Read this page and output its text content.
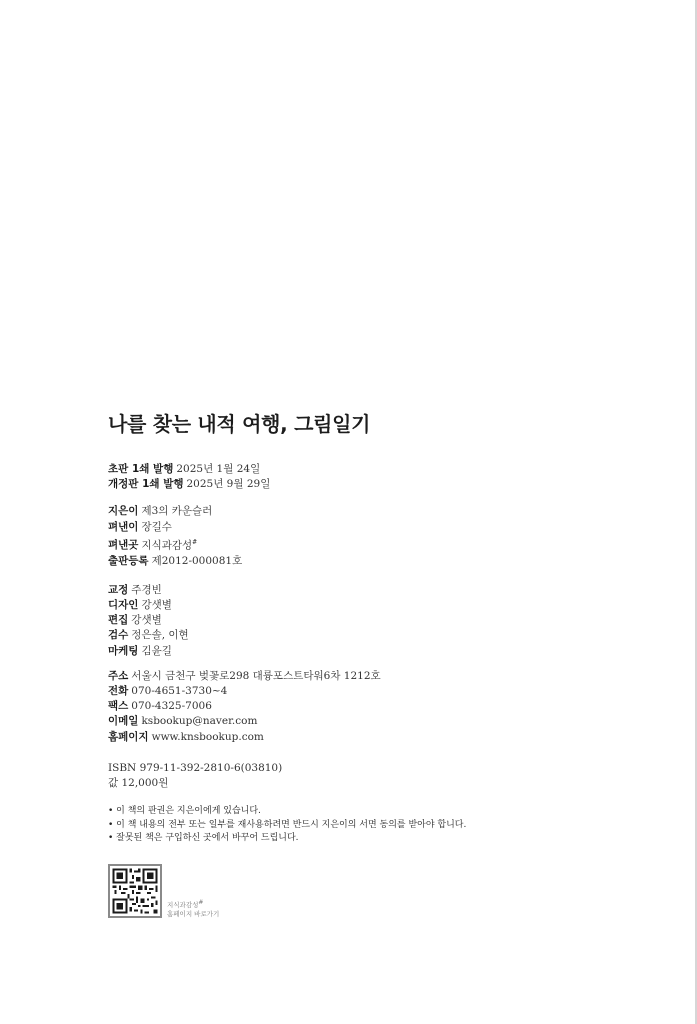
나를 찾는 내적 여행, 그림일기
초판 1쇄 발행 2025년 1월 24일
개정판 1쇄 발행 2025년 9월 29일
지은이 제3의 카운슬러
펴낸이 장길수
펴낸곳 지식과감성#
출판등록 제2012-000081호
교정 주경빈
디자인 강샛별
편집 강샛별
검수 정은솔, 이현
마케팅 김윤길
주소 서울시 금천구 벚꽃로298 대륭포스트타워6차 1212호
전화 070-4651-3730~4
팩스 070-4325-7006
이메일 ksbookup@naver.com
홈페이지 www.knsbookup.com
ISBN 979-11-392-2810-6(03810)
값 12,000원
• 이 책의 판권은 지은이에게 있습니다.
• 이 책 내용의 전부 또는 일부를 재사용하려면 반드시 지은이의 서면 동의를 받아야 합니다.
• 잘못된 책은 구입하신 곳에서 바꾸어 드립니다.
지식과감성#
홈페이지 바로가기
